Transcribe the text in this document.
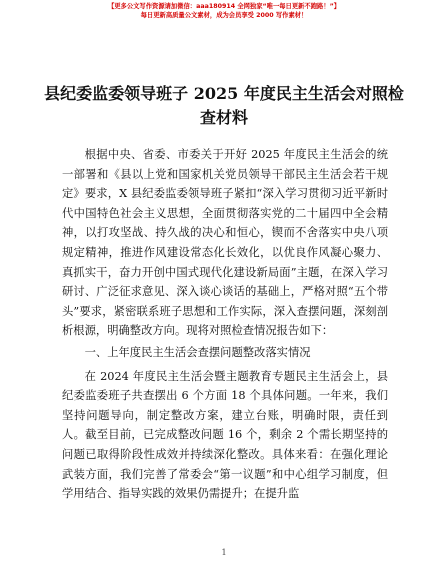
【更多公文写作资源请加微信：aaa180914 全网独家“唯一每日更新不跑路！”】
每日更新高质量公文素材，成为会员享受 2000 写作素材！
县纪委监委领导班子 2025 年度民主生活会对照检查材料

根据中央、省委、市委关于开好 2025 年度民主生活会的统一部署和《县以上党和国家机关党员领导干部民主生活会若干规定》要求，X 县纪委监委领导班子紧扣“深入学习贯彻习近平新时代中国特色社会主义思想，全面贯彻落实党的二十届四中全会精神，以打攻坚战、持久战的决心和恒心，锲而不舍落实中央八项规定精神，推进作风建设常态化长效化，以优良作风凝心聚力、真抓实干，奋力开创中国式现代化建设新局面”主题，在深入学习研讨、广泛征求意见、深入谈心谈话的基础上，严格对照“五个带头”要求，紧密联系班子思想和工作实际，深入查摆问题，深刻剖析根源，明确整改方向。现将对照检查情况报告如下：

一、上年度民主生活会查摆问题整改落实情况

在 2024 年度民主生活会暨主题教育专题民主生活会上，县纪委监委班子共查摆出 6 个方面 18 个具体问题。一年来，我们坚持问题导向，制定整改方案，建立台账，明确时限，责任到人。截至目前，已完成整改问题 16 个，剩余 2 个需长期坚持的问题已取得阶段性成效并持续深化整改。具体来看：在强化理论武装方面，我们完善了常委会“第一议题”和中心组学习制度，但学用结合、指导实践的效果仍需提升；在提升监

1
